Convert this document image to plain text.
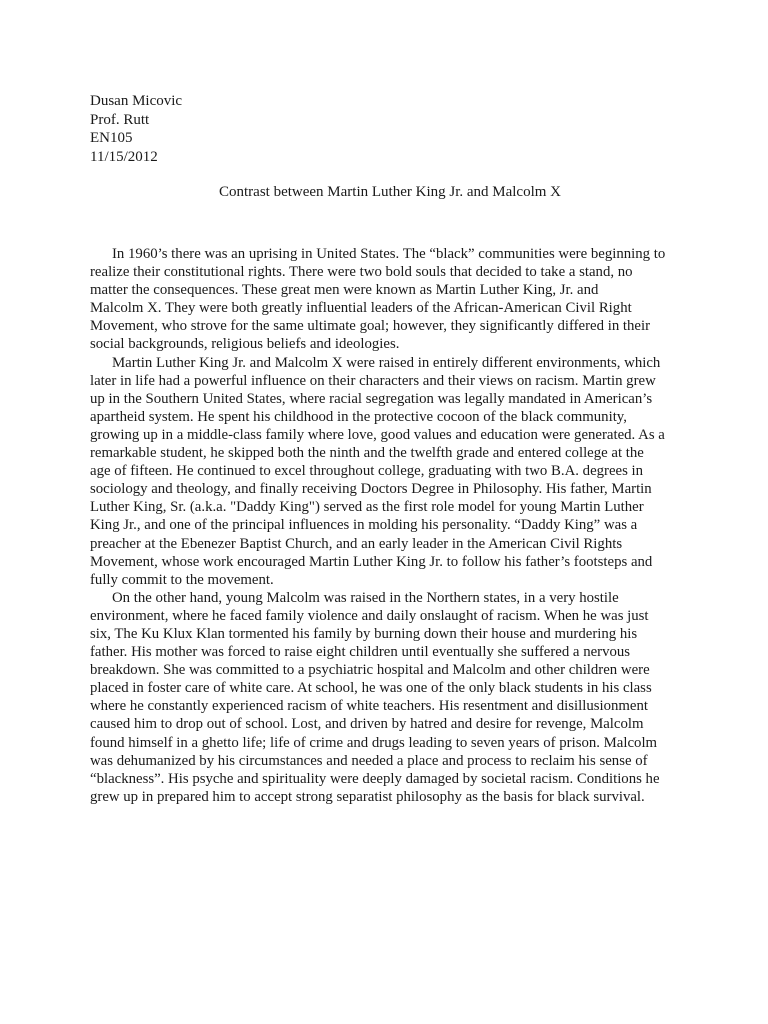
Dusan Micovic
Prof. Rutt
EN105
11/15/2012
Contrast between Martin Luther King Jr. and Malcolm X
In 1960’s there was an uprising in United States. The “black” communities were beginning to
realize their constitutional rights. There were two bold souls that decided to take a stand, no
matter the consequences. These great men were known as Martin Luther King, Jr. and
Malcolm X. They were both greatly influential leaders of the African-American Civil Right
Movement, who strove for the same ultimate goal; however, they significantly differed in their
social backgrounds, religious beliefs and ideologies.
Martin Luther King Jr. and Malcolm X were raised in entirely different environments, which
later in life had a powerful influence on their characters and their views on racism. Martin grew
up in the Southern United States, where racial segregation was legally mandated in American’s
apartheid system. He spent his childhood in the protective cocoon of the black community,
growing up in a middle-class family where love, good values and education were generated. As a
remarkable student, he skipped both the ninth and the twelfth grade and entered college at the
age of fifteen. He continued to excel throughout college, graduating with two B.A. degrees in
sociology and theology, and finally receiving Doctors Degree in Philosophy. His father, Martin
Luther King, Sr. (a.k.a. "Daddy King") served as the first role model for young Martin Luther
King Jr., and one of the principal influences in molding his personality. “Daddy King” was a
preacher at the Ebenezer Baptist Church, and an early leader in the American Civil Rights
Movement, whose work encouraged Martin Luther King Jr. to follow his father’s footsteps and
fully commit to the movement.
On the other hand, young Malcolm was raised in the Northern states, in a very hostile
environment, where he faced family violence and daily onslaught of racism. When he was just
six, The Ku Klux Klan tormented his family by burning down their house and murdering his
father. His mother was forced to raise eight children until eventually she suffered a nervous
breakdown. She was committed to a psychiatric hospital and Malcolm and other children were
placed in foster care of white care. At school, he was one of the only black students in his class
where he constantly experienced racism of white teachers. His resentment and disillusionment
caused him to drop out of school. Lost, and driven by hatred and desire for revenge, Malcolm
found himself in a ghetto life; life of crime and drugs leading to seven years of prison. Malcolm
was dehumanized by his circumstances and needed a place and process to reclaim his sense of
“blackness”. His psyche and spirituality were deeply damaged by societal racism. Conditions he
grew up in prepared him to accept strong separatist philosophy as the basis for black survival.
